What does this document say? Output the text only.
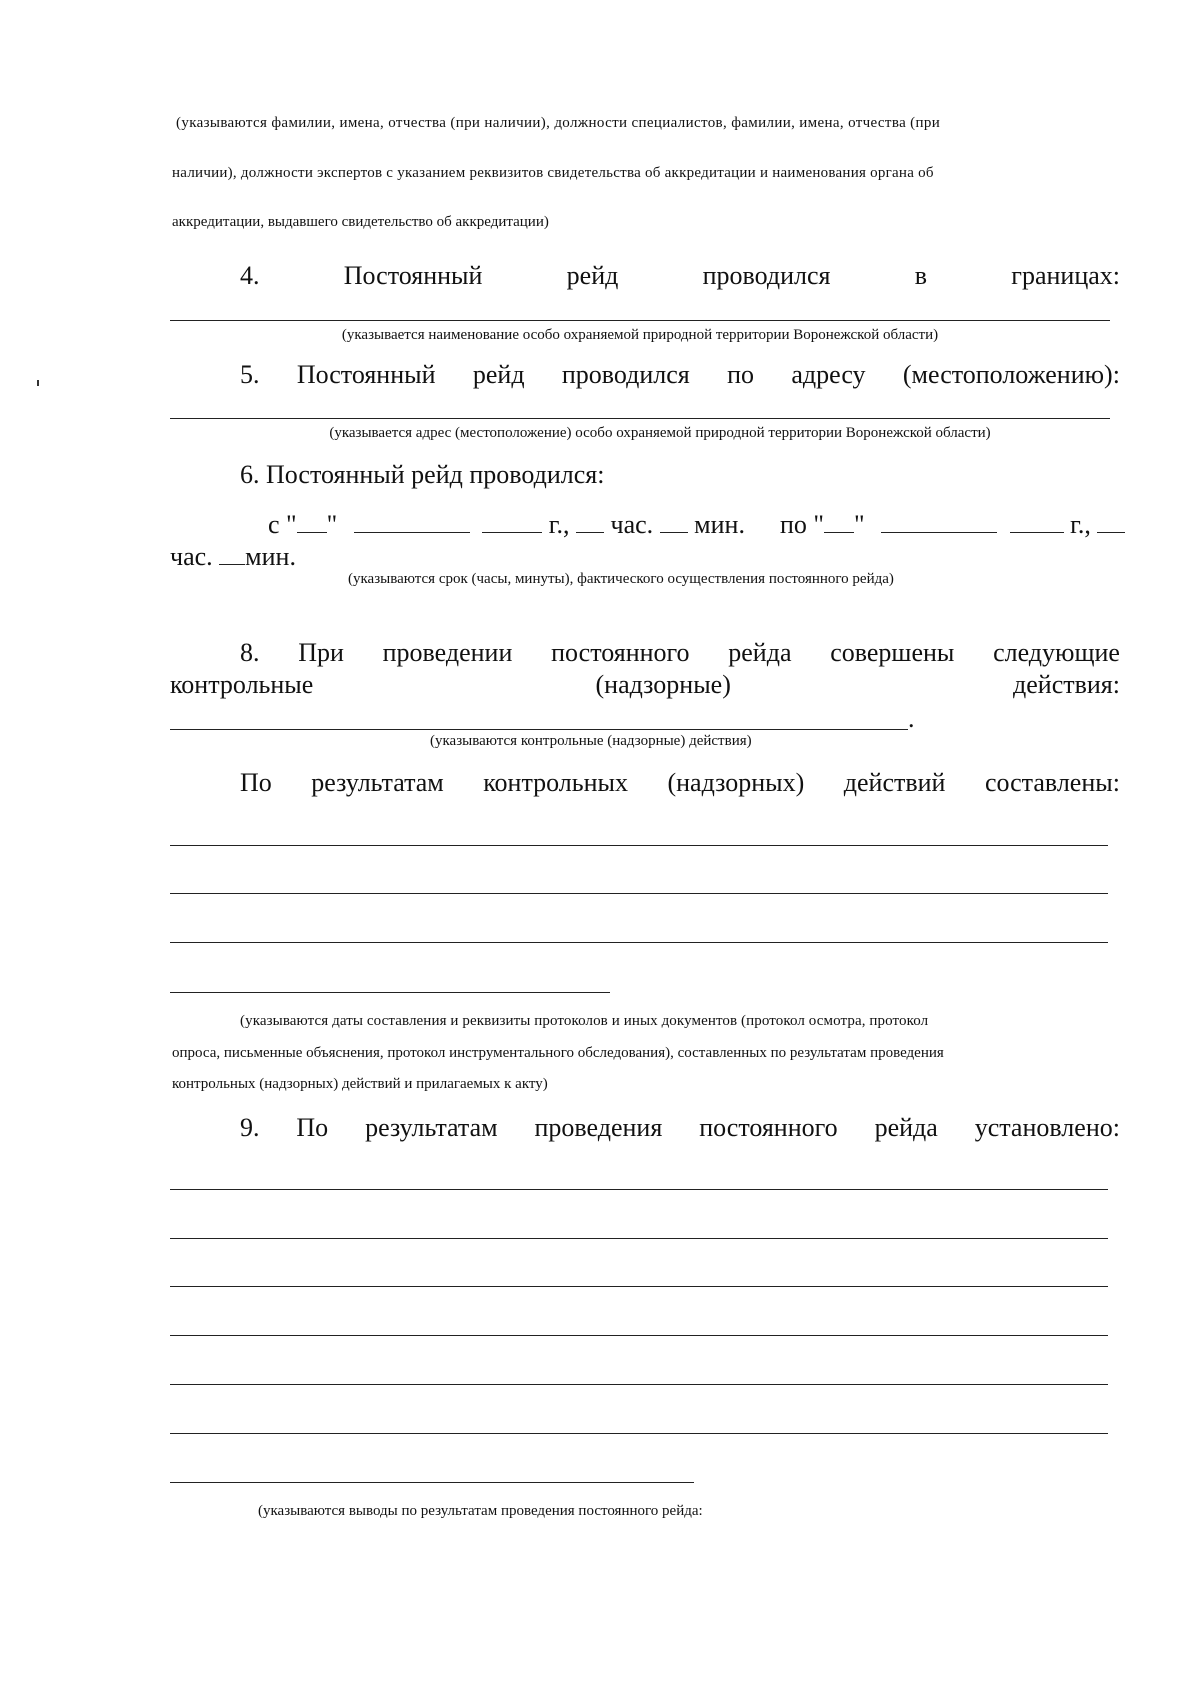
(указываются фамилии, имена, отчества (при наличии), должности специалистов, фамилии, имена, отчества (при
наличии), должности экспертов с указанием реквизитов свидетельства об аккредитации и наименования органа об
аккредитации, выдавшего свидетельство об аккредитации)
4.	Постоянный	рейд	проводился	в	границах:
(указывается наименование особо охраняемой природной территории Воронежской области)
5. Постоянный рейд проводился по адресу (местоположению):
(указывается адрес (местоположение) особо охраняемой природной территории Воронежской области)
6. Постоянный рейд проводился:
с " "	г., час. мин. по " "	г.,
час. мин.
(указываются срок (часы, минуты), фактического осуществления постоянного рейда)
8. При проведении постоянного рейда совершены следующие
контрольные	(надзорные)	действия:
.
(указываются контрольные (надзорные) действия)
По результатам контрольных (надзорных) действий составлены:
(указываются даты составления и реквизиты протоколов и иных документов (протокол осмотра, протокол
опроса, письменные объяснения, протокол инструментального обследования), составленных по результатам проведения
контрольных (надзорных) действий и прилагаемых к акту)
9. По результатам проведения постоянного рейда установлено:
(указываются выводы по результатам проведения постоянного рейда:
